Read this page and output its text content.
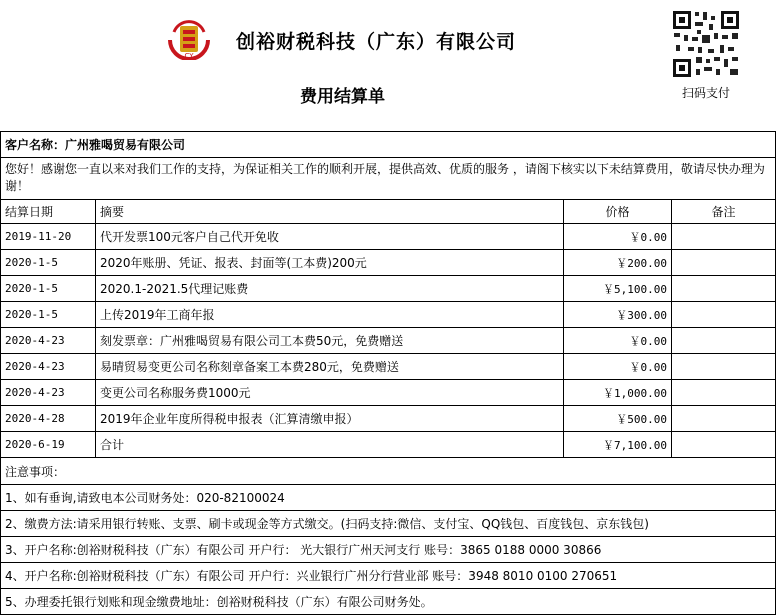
CY
创裕财税科技（广东）有限公司
费用结算单	扫码支付
客户名称： 广州雅喝贸易有限公司
您好！感谢您一直以来对我们工作的支持，为保证相关工作的顺利开展，提供高效、优质的服务 ，请阁下核实以下未结算费用，敬请尽快办理为谢！
结算日期	摘要	价格	备注
2019-11-20	代开发票100元客户自己代开免收	￥0.00
2020-1-5	2020年账册、凭证、报表、封面等(工本费)200元	￥200.00
2020-1-5	2020.1-2021.5代理记账费	￥5,100.00
2020-1-5	上传2019年工商年报	￥300.00
2020-4-23	刻发票章：广州雅喝贸易有限公司工本费50元，免费赠送	￥0.00
2020-4-23	易晴贸易变更公司名称刻章备案工本费280元，免费赠送	￥0.00
2020-4-23	变更公司名称服务费1000元	￥1,000.00
2020-4-28	2019年企业年度所得税申报表（汇算清缴申报）	￥500.00
2020-6-19	合计	￥7,100.00
注意事项：
1、如有垂询,请致电本公司财务处：020-82100024
2、缴费方法:请采用银行转账、支票、刷卡或现金等方式缴交。(扫码支持:微信、支付宝、QQ钱包、百度钱包、京东钱包)
3、开户名称:创裕财税科技（广东）有限公司 开户行： 光大银行广州天河支行 账号：3865 0188 0000 30866
4、开户名称:创裕财税科技（广东）有限公司 开户行：兴业银行广州分行营业部 账号：3948 8010 0100 270651
5、办理委托银行划账和现金缴费地址：创裕财税科技（广东）有限公司财务处。
